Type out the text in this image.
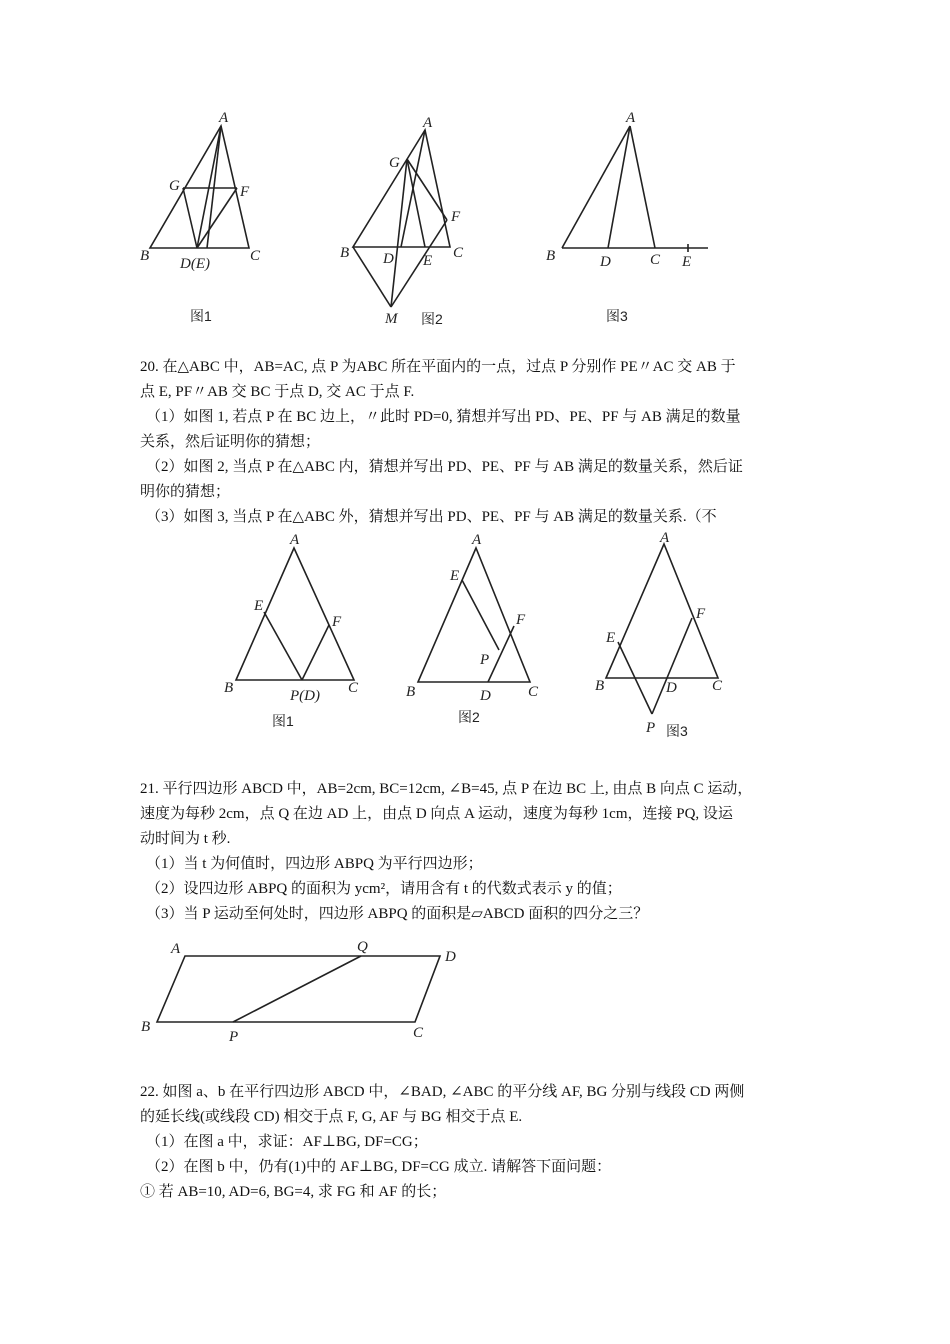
A
G	F
B D(E)	C
图1
A
G
F
B D E C
M 图2
A
B	D	C E
图3

20. 在△ABC 中，AB=AC, 点 P 为ABC 所在平面内的一点，过点 P 分别作 PE〃AC 交 AB 于

点 E, PF〃AB 交 BC 于点 D, 交 AC 于点 F.

（1）如图 1, 若点 P 在 BC 边上，〃此时 PD=0, 猜想并写出 PD、PE、PF 与 AB 满足的数量

关系，然后证明你的猜想；

（2）如图 2, 当点 P 在△ABC 内，猜想并写出 PD、PE、PF 与 AB 满足的数量关系，然后证

明你的猜想；

（3）如图 3, 当点 P 在△ABC 外，猜想并写出 PD、PE、PF 与 AB 满足的数量关系.（不

A
E
F
B	P(D) C
图1
A
E
F
P
B	D C
图2
A
E
F
B	D C
P 图3

21. 平行四边形 ABCD 中，AB=2cm, BC=12cm, ∠B=45, 点 P 在边 BC 上, 由点 B 向点 C 运动，

速度为每秒 2cm，点 Q 在边 AD 上，由点 D 向点 A 运动，速度为每秒 1cm，连接 PQ, 设运

动时间为 t 秒.

（1）当 t 为何值时，四边形 ABPQ 为平行四边形；

（2）设四边形 ABPQ 的面积为 ycm²，请用含有 t 的代数式表示 y 的值；

（3）当 P 运动至何处时，四边形 ABPQ 的面积是▱ABCD 面积的四分之三？

A	Q
D
B
P	C

22. 如图 a、b 在平行四边形 ABCD 中，∠BAD, ∠ABC 的平分线 AF, BG 分别与线段 CD 两侧

的延长线(或线段 CD) 相交于点 F, G, AF 与 BG 相交于点 E.

（1）在图 a 中，求证：AF⊥BG, DF=CG；

（2）在图 b 中，仍有(1)中的 AF⊥BG, DF=CG 成立. 请解答下面问题：

① 若 AB=10, AD=6, BG=4, 求 FG 和 AF 的长；
